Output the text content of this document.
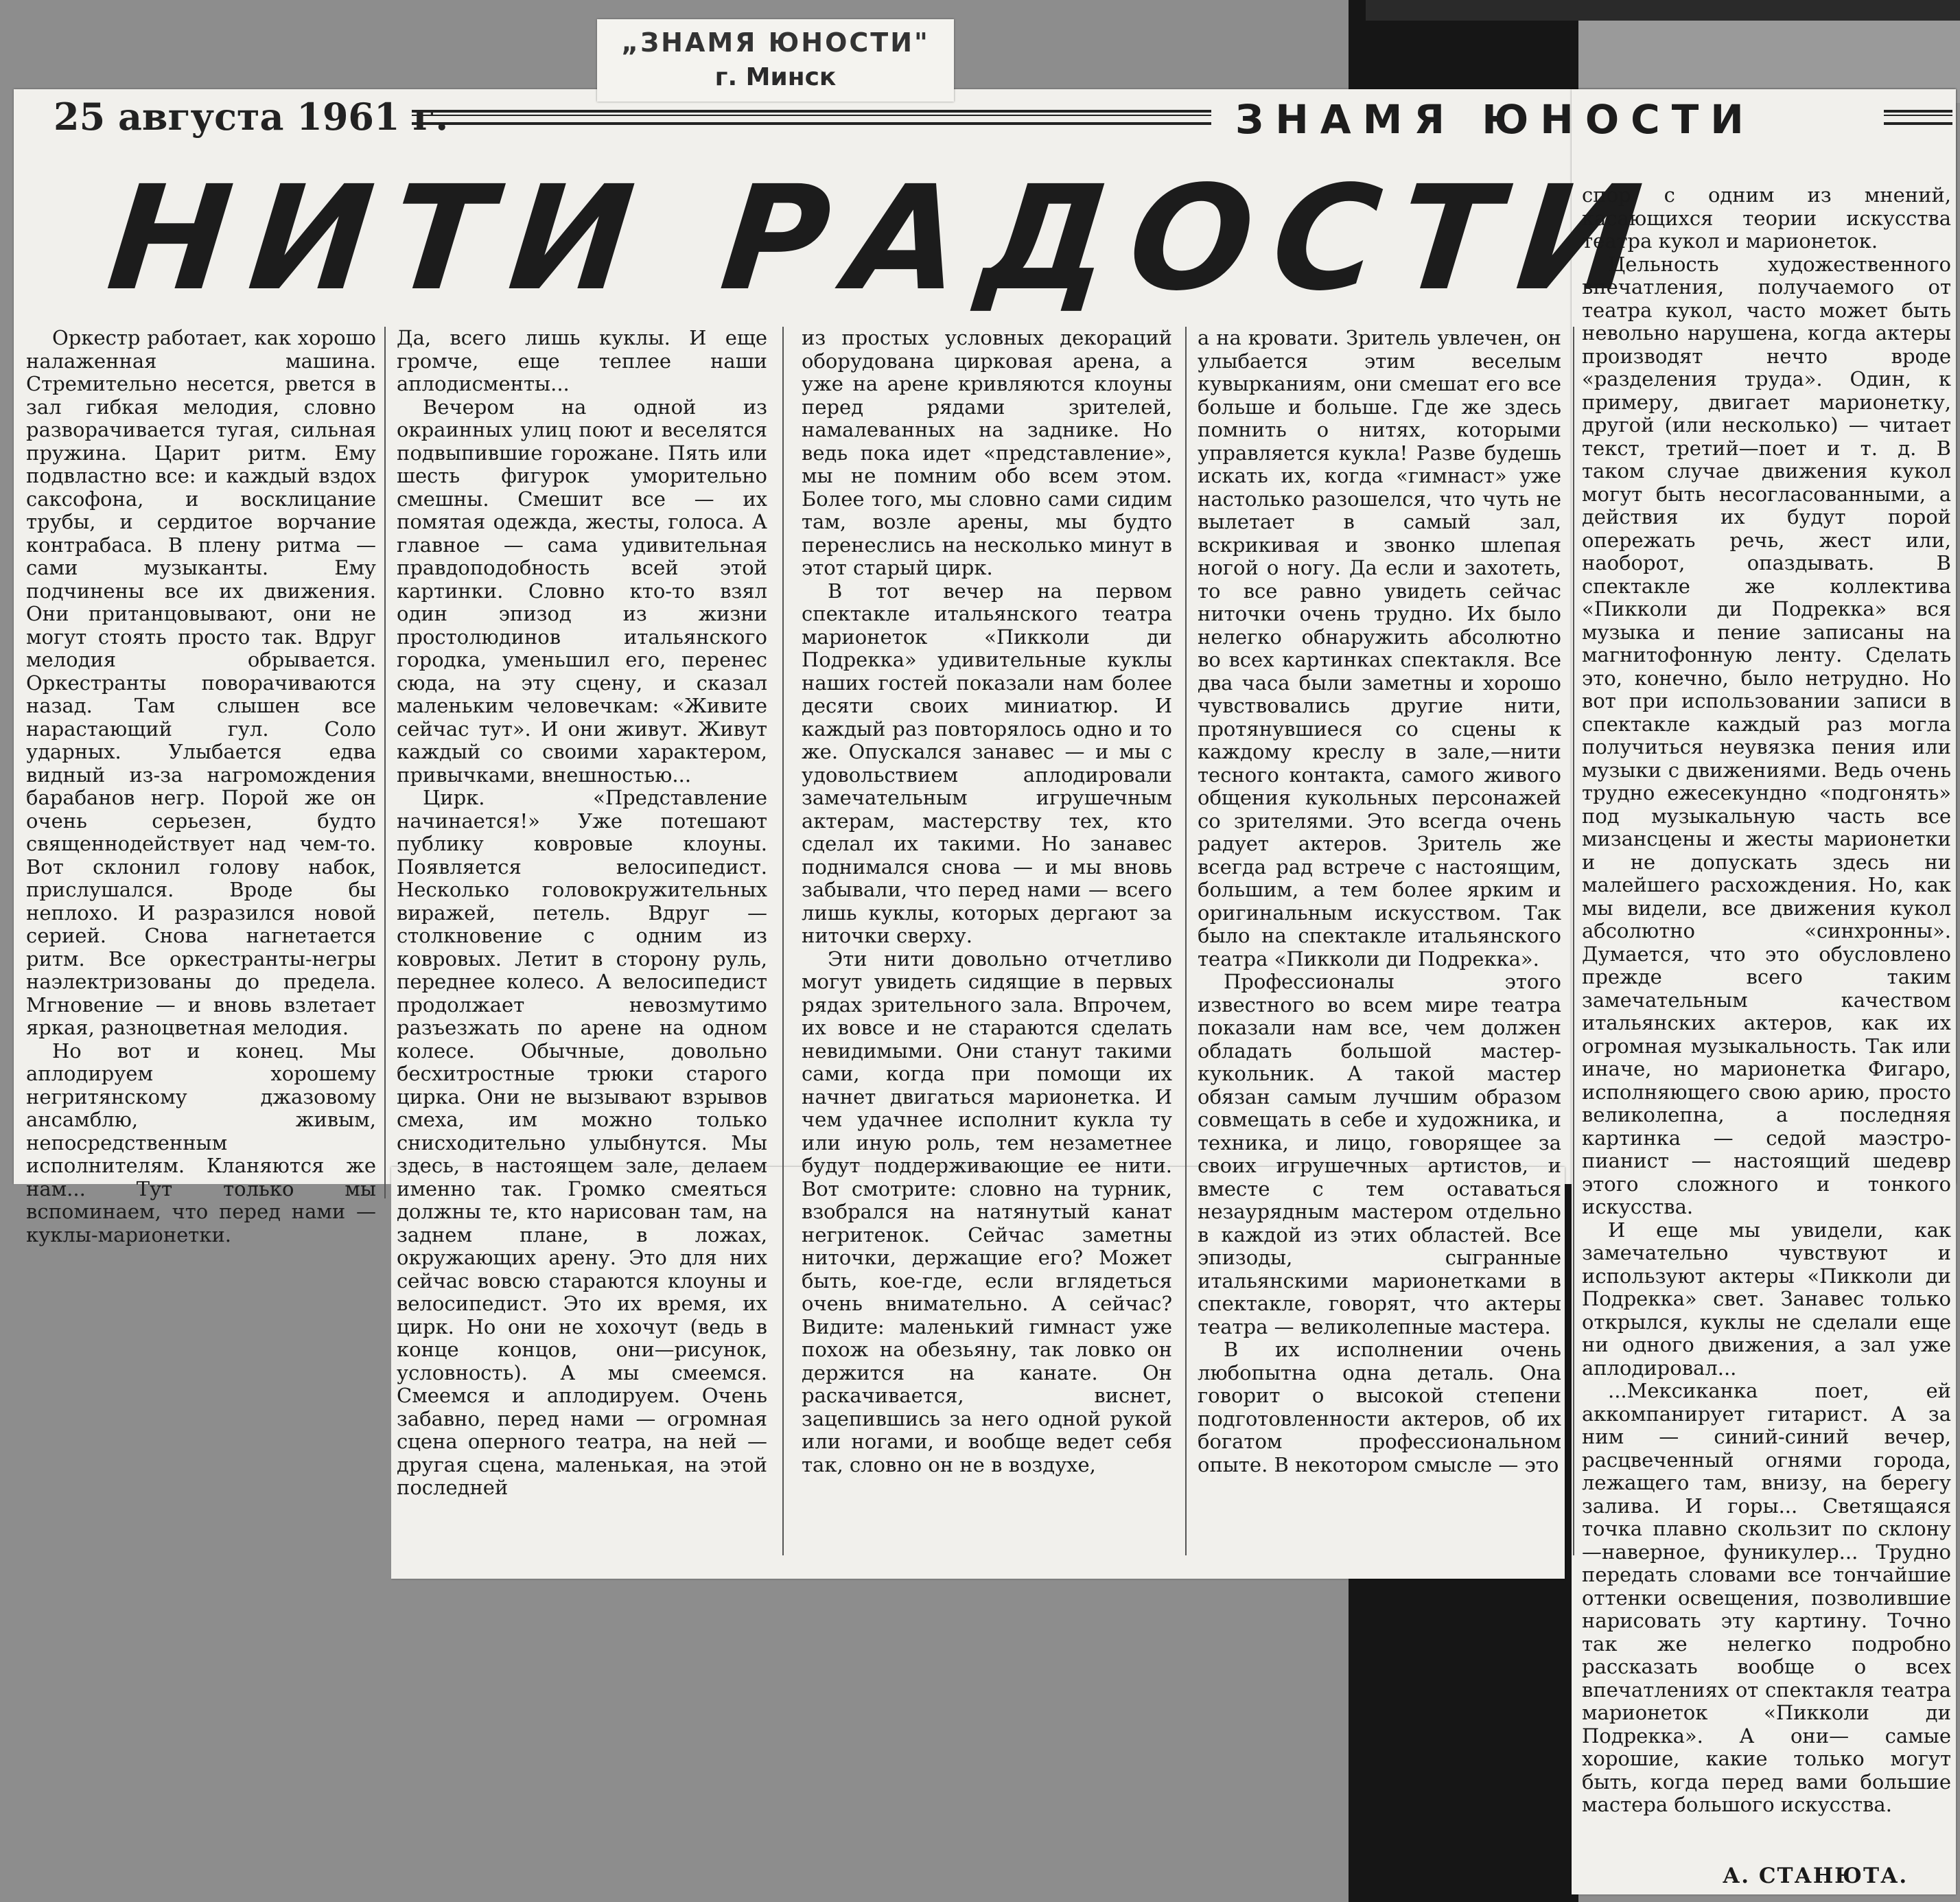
„ЗНАМЯ ЮНОСТИ"
г. Минск
25 августа 1961 г.	ЗНАМЯ ЮНОСТИ
НИТИ РАДОСТИ

Оркестр работает, как хорошо налаженная машина. Стремительно несется, рвется в зал гибкая мелодия, словно разворачивается тугая, сильная пружина. Царит ритм. Ему подвластно все: и каждый вздох саксофона, и восклицание трубы, и сердитое ворчание контрабаса. В плену ритма — сами музыканты. Ему подчинены все их движения. Они пританцовывают, они не могут стоять просто так. Вдруг мелодия обрывается. Оркестранты поворачиваются назад. Там слышен все нарастающий гул. Соло ударных. Улыбается едва видный из-за нагромождения барабанов негр. Порой же он очень серьезен, будто священнодействует над чем-то. Вот склонил голову набок, прислушался. Вроде бы неплохо. И разразился новой серией. Снова нагнетается ритм. Все оркестранты-негры наэлектризованы до предела. Мгновение — и вновь взлетает яркая, разноцветная мелодия.

Но вот и конец. Мы аплодируем хорошему негритянскому джазовому ансамблю, живым, непосредственным исполнителям. Кланяются же нам... Тут только мы вспоминаем, что перед нами — куклы-марионетки.

Да, всего лишь куклы. И еще громче, еще теплее наши аплодисменты...

Вечером на одной из окраинных улиц поют и веселятся подвыпившие горожане. Пять или шесть фигурок уморительно смешны. Смешит все — их помятая одежда, жесты, голоса. А главное — сама удивительная правдоподобность всей этой картинки. Словно кто-то взял один эпизод из жизни простолюдинов итальянского городка, уменьшил его, перенес сюда, на эту сцену, и сказал маленьким человечкам: «Живите сейчас тут». И они живут. Живут каждый со своими характером, привычками, внешностью...

Цирк. «Представление начинается!» Уже потешают публику ковровые клоуны. Появляется велосипедист. Несколько головокружительных виражей, петель. Вдруг — столкновение с одним из ковровых. Летит в сторону руль, переднее колесо. А велосипедист продолжает невозмутимо разъезжать по арене на одном колесе. Обычные, довольно бесхитростные трюки старого цирка. Они не вызывают взрывов смеха, им можно только снисходительно улыбнутся. Мы здесь, в настоящем зале, делаем именно так. Громко смеяться должны те, кто нарисован там, на заднем плане, в ложах, окружающих арену. Это для них сейчас вовсю стараются клоуны и велосипедист. Это их время, их цирк. Но они не хохочут (ведь в конце концов, они—рисунок, условность). А мы смеемся. Смеемся и аплодируем. Очень забавно, перед нами — огромная сцена оперного театра, на ней — другая сцена, маленькая, на этой последней

из простых условных декораций оборудована цирковая арена, а уже на арене кривляются клоуны перед рядами зрителей, намалеванных на заднике. Но ведь пока идет «представление», мы не помним обо всем этом. Более того, мы словно сами сидим там, возле арены, мы будто перенеслись на несколько минут в этот старый цирк.

В тот вечер на первом спектакле итальянского театра марионеток «Пикколи ди Подрекка» удивительные куклы наших гостей показали нам более десяти своих миниатюр. И каждый раз повторялось одно и то же. Опускался занавес — и мы с удовольствием аплодировали замечательным игрушечным актерам, мастерству тех, кто сделал их такими. Но занавес поднимался снова — и мы вновь забывали, что перед нами — всего лишь куклы, которых дергают за ниточки сверху.

Эти нити довольно отчетливо могут увидеть сидящие в первых рядах зрительного зала. Впрочем, их вовсе и не стараются сделать невидимыми. Они станут такими сами, когда при помощи их начнет двигаться марионетка. И чем удачнее исполнит кукла ту или иную роль, тем незаметнее будут поддерживающие ее нити. Вот смотрите: словно на турник, взобрался на натянутый канат негритенок. Сейчас заметны ниточки, держащие его? Может быть, кое-где, если вглядеться очень внимательно. А сейчас? Видите: маленький гимнаст уже похож на обезьяну, так ловко он держится на канате. Он раскачивается, виснет, зацепившись за него одной рукой или ногами, и вообще ведет себя так, словно он не в воздухе,

а на кровати. Зритель увлечен, он улыбается этим веселым кувырканиям, они смешат его все больше и больше. Где же здесь помнить о нитях, которыми управляется кукла! Разве будешь искать их, когда «гимнаст» уже настолько разошелся, что чуть не вылетает в самый зал, вскрикивая и звонко шлепая ногой о ногу. Да если и захотеть, то все равно увидеть сейчас ниточки очень трудно. Их было нелегко обнаружить абсолютно во всех картинках спектакля. Все два часа были заметны и хорошо чувствовались другие нити, протянувшиеся со сцены к каждому креслу в зале,—нити тесного контакта, самого живого общения кукольных персонажей со зрителями. Это всегда очень радует актеров. Зритель же всегда рад встрече с настоящим, большим, а тем более ярким и оригинальным искусством. Так было на спектакле итальянского театра «Пикколи ди Подрекка».

Профессионалы этого известного во всем мире театра показали нам все, чем должен обладать большой мастер-кукольник. А такой мастер обязан самым лучшим образом совмещать в себе и художника, и техника, и лицо, говорящее за своих игрушечных артистов, и вместе с тем оставаться незаурядным мастером отдельно в каждой из этих областей. Все эпизоды, сыгранные итальянскими марионетками в спектакле, говорят, что актеры театра — великолепные мастера.

В их исполнении очень любопытна одна деталь. Она говорит о высокой степени подготовленности актеров, об их богатом профессиональном опыте. В некотором смысле — это

спор с одним из мнений, касающихся теории искусства театра кукол и марионеток.

Цельность художественного впечатления, получаемого от театра кукол, часто может быть невольно нарушена, когда актеры производят нечто вроде «разделения труда». Один, к примеру, двигает марионетку, другой (или несколько) — читает текст, третий—поет и т. д. В таком случае движения кукол могут быть несогласованными, а действия их будут порой опережать речь, жест или, наоборот, опаздывать. В спектакле же коллектива «Пикколи ди Подрекка» вся музыка и пение записаны на магнитофонную ленту. Сделать это, конечно, было нетрудно. Но вот при использовании записи в спектакле каждый раз могла получиться неувязка пения или музыки с движениями. Ведь очень трудно ежесекундно «подгонять» под музыкальную часть все мизансцены и жесты марионетки и не допускать здесь ни малейшего расхождения. Но, как мы видели, все движения кукол абсолютно «синхронны». Думается, что это обусловлено прежде всего таким замечательным качеством итальянских актеров, как их огромная музыкальность. Так или иначе, но марионетка Фигаро, исполняющего свою арию, просто великолепна, а последняя картинка — седой маэстро-пианист — настоящий шедевр этого сложного и тонкого искусства.

И еще мы увидели, как замечательно чувствуют и используют актеры «Пикколи ди Подрекка» свет. Занавес только открылся, куклы не сделали еще ни одного движения, а зал уже аплодировал...

...Мексиканка поет, ей аккомпанирует гитарист. А за ним — синий-синий вечер, расцвеченный огнями города, лежащего там, внизу, на берегу залива. И горы... Светящаяся точка плавно скользит по склону—наверное, фуникулер... Трудно передать словами все тончайшие оттенки освещения, позволившие нарисовать эту картину. Точно так же нелегко подробно рассказать вообще о всех впечатлениях от спектакля театра марионеток «Пикколи ди Подрекка». А они— самые хорошие, какие только могут быть, когда перед вами большие мастера большого искусства.

А. СТАНЮТА.
